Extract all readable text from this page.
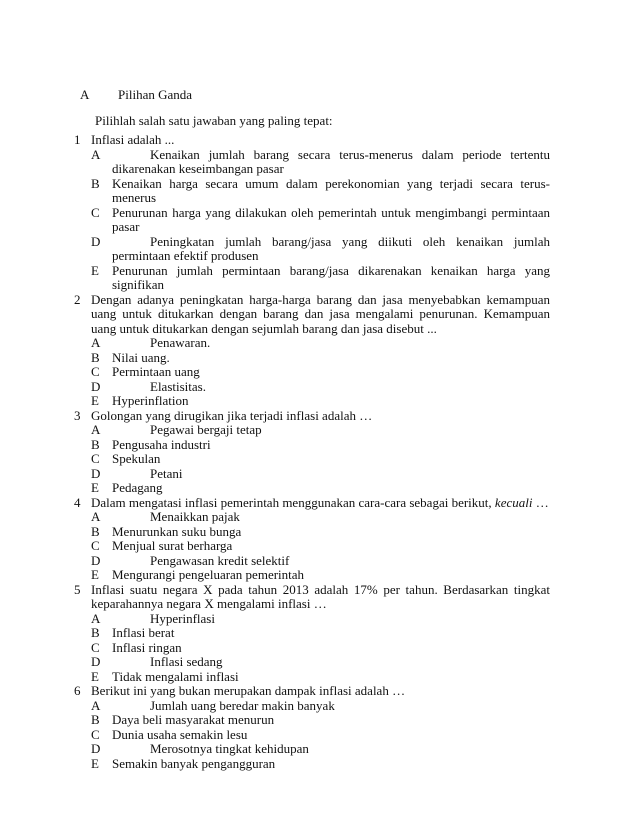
A Pilihan Ganda
Pilihlah salah satu jawaban yang paling tepat:
1 Inflasi adalah ...
A	Kenaikan jumlah barang secara terus-menerus dalam periode tertentu dikarenakan keseimbangan pasar
B Kenaikan harga secara umum dalam perekonomian yang terjadi secara terus-menerus
C Penurunan harga yang dilakukan oleh pemerintah untuk mengimbangi permintaan pasar
D	Peningkatan jumlah barang/jasa yang diikuti oleh kenaikan jumlah permintaan efektif produsen
E Penurunan jumlah permintaan barang/jasa dikarenakan kenaikan harga yang signifikan
2 Dengan adanya peningkatan harga-harga barang dan jasa menyebabkan kemampuan uang untuk ditukarkan dengan barang dan jasa mengalami penurunan. Kemampuan uang untuk ditukarkan dengan sejumlah barang dan jasa disebut ...
A	Penawaran.
B Nilai uang.
C Permintaan uang
D	Elastisitas.
E Hyperinflation
3 Golongan yang dirugikan jika terjadi inflasi adalah …
A	Pegawai bergaji tetap
B Pengusaha industri
C Spekulan
D	Petani
E Pedagang
4 Dalam mengatasi inflasi pemerintah menggunakan cara-cara sebagai berikut, kecuali …
A	Menaikkan pajak
B Menurunkan suku bunga
C Menjual surat berharga
D	Pengawasan kredit selektif
E Mengurangi pengeluaran pemerintah
5 Inflasi suatu negara X pada tahun 2013 adalah 17% per tahun. Berdasarkan tingkat keparahannya negara X mengalami inflasi …
A	Hyperinflasi
B Inflasi berat
C Inflasi ringan
D	Inflasi sedang
E Tidak mengalami inflasi
6 Berikut ini yang bukan merupakan dampak inflasi adalah …
A	Jumlah uang beredar makin banyak
B Daya beli masyarakat menurun
C Dunia usaha semakin lesu
D	Merosotnya tingkat kehidupan
E Semakin banyak pengangguran
